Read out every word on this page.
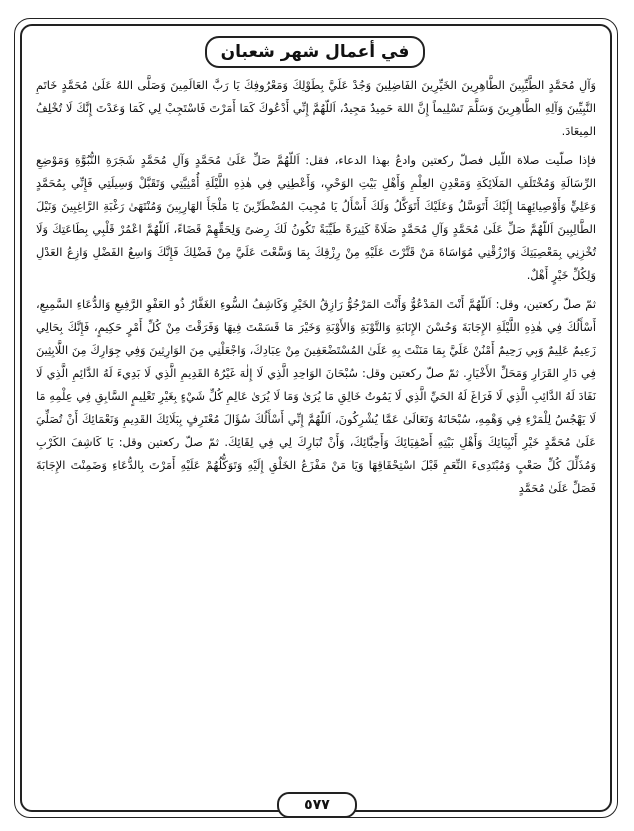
في أعمال شهر شعبان

وَآلِ مُحَمَّدٍ الطَّيِّبِينَ الطَّاهِرِينَ الخَيِّرِينَ الفَاضِلِينَ وَجُدْ عَلَيَّ بِطَوْلِكَ وَمَعْرُوفِكَ يَا رَبَّ العَالَمِينَ وَصَلَّى اللهُ عَلَىٰ مُحَمَّدٍ خَاتَمِ النَّبِيِّينَ وَآلِهِ الطَّاهِرِينَ وَسَلَّمَ تَسْلِيماً إِنَّ اللهَ حَمِيدٌ مَجِيدٌ، اَللّهُمَّ إِنِّي أَدْعُوكَ كَمَا أَمَرْتَ فَاسْتَجِبْ لِي كَمَا وَعَدْتَ إِنَّكَ لَا تُخْلِفُ المِيعَادَ.

فإذا صلّيت صلاة اللّيل فصلّ ركعتين وادعُ بهذا الدعاء، فقل: اَللّهُمَّ صَلِّ عَلَىٰ مُحَمَّدٍ وَآلِ مُحَمَّدٍ شَجَرَةِ النُّبُوَّةِ وَمَوْضِعِ الرِّسَالَةِ وَمُخْتَلَفِ المَلَائِكَةِ وَمَعْدِنِ العِلْمِ وَأَهْلِ بَيْتِ الوَحْيِ، وَأَعْطِنِي فِي هٰذِهِ اللَّيْلَةِ أُمْنِيَّتِي وَتَقَبَّلْ وَسِيلَتِي فَإِنِّي بِمُحَمَّدٍ وَعَلِيٍّ وَأَوْصِيائِهِمَا إِلَيْكَ أَتَوَسَّلُ وَعَلَيْكَ أَتَوَكَّلُ وَلَكَ أَسْأَلُ يَا مُجِيبَ المُضْطَرِّينَ يَا مَلْجَأَ الهَارِبِينَ وَمُنْتَهَىٰ رَغْبَةِ الرَّاغِبِينَ وَنَيْلَ الطَّالِبِينَ اَللّهُمَّ صَلِّ عَلَىٰ مُحَمَّدٍ وَآلِ مُحَمَّدٍ صَلَاةً كَثِيرَةً طَيِّبَةً تَكُونُ لَكَ رِضىً وَلِحَقِّهِمْ قَضَاءً، اَللّهُمَّ اعْمُرْ قَلْبِي بِطَاعَتِكَ وَلَا تُخْزِنِي بِمَعْصِيَتِكَ وَارْزُقْنِي مُوَاسَاةَ مَنْ قَتَّرْتَ عَلَيْهِ مِنْ رِزْقِكَ بِمَا وَسَّعْتَ عَلَيَّ مِنْ فَضْلِكَ فَإِنَّكَ وَاسِعُ الفَضْلِ وَازِعُ العَدْلِ وَلِكُلِّ خَيْرٍ أَهْلٌ.

ثمّ صلّ ركعتين، وقل: اَللّهُمَّ أَنْتَ المَدْعُوُّ وَأَنْتَ المَرْجُوُّ رَازِقُ الخَيْرِ وَكَاشِفُ السُّوءِ الغَفَّارُ ذُو العَفْوِ الرَّفِيعِ وَالدُّعَاءِ السَّمِيعِ، أَسْأَلُكَ فِي هٰذِهِ اللَّيْلَةِ الإِجَابَةَ وَحُسْنَ الإِنَابَةِ وَالتَّوْبَةِ وَالأَوْبَةِ وَخَيْرَ مَا قَسَمْتَ فِيهَا وَفَرَقْتَ مِنْ كُلِّ أَمْرٍ حَكِيمٍ، فَإِنَّكَ بِحَالِي زَعِيمٌ عَلِيمٌ وَبِي رَحِيمٌ أَمْنُنْ عَلَيَّ بِمَا مَنَنْتَ بِهِ عَلَىٰ المُسْتَضْعَفِينَ مِنْ عِبَادِكَ، وَاجْعَلْنِي مِنَ الوَارِثِينَ وَفِي جِوَارِكَ مِنَ اللَّابِثِينَ فِي دَارِ القَرَارِ وَمَحَلِّ الأَخْيَارِ. ثمّ صلّ ركعتين وقل: سُبْحَانَ الوَاحِدِ الَّذِي لَا إِلٰهَ غَيْرُهُ القَدِيمِ الَّذِي لَا بَدِيءَ لَهُ الدَّائِمِ الَّذِي لَا نَفَادَ لَهُ الدَّائِبِ الَّذِي لَا فَرَاغَ لَهُ الحَيِّ الَّذِي لَا يَمُوتُ خَالِقِ مَا يُرَىٰ وَمَا لَا يُرَىٰ عَالِمِ كُلِّ شَيْءٍ بِغَيْرِ تَعْلِيمٍ السَّابِقِ فِي عِلْمِهِ مَا لَا يَهْجُسُ لِلْمَرْءِ فِي وَهْمِهِ، سُبْحَانَهُ وَتَعَالَىٰ عَمَّا يُشْرِكُونَ، اَللّهُمَّ إِنِّي أَسْأَلُكَ سُؤَالَ مُعْتَرِفٍ بِبَلَائِكَ القَدِيمِ وَنَعْمَائِكَ أَنْ تُصَلِّيَ عَلَىٰ مُحَمَّدٍ خَيْرِ أَنْبِيَائِكَ وَأَهْلِ بَيْتِهِ أَصْفِيَائِكَ وَأَحِبَّائِكَ، وَأَنْ تُبَارِكَ لِي فِي لِقَائِكَ. ثمّ صلّ ركعتين وقل: يَا كَاشِفَ الكَرْبِ وَمُذَلِّلَ كُلِّ صَعْبٍ وَمُبْتَدِىءَ النِّعَمِ قَبْلَ اسْتِحْقَاقِهَا وَيَا مَنْ مَفْزَعُ الخَلْقِ إِلَيْهِ وَتَوَكُّلُهُمْ عَلَيْهِ أَمَرْتَ بِالدُّعَاءِ وَضَمِنْتَ الإِجَابَةَ فَصَلِّ عَلَىٰ مُحَمَّدٍ

٥٧٧
